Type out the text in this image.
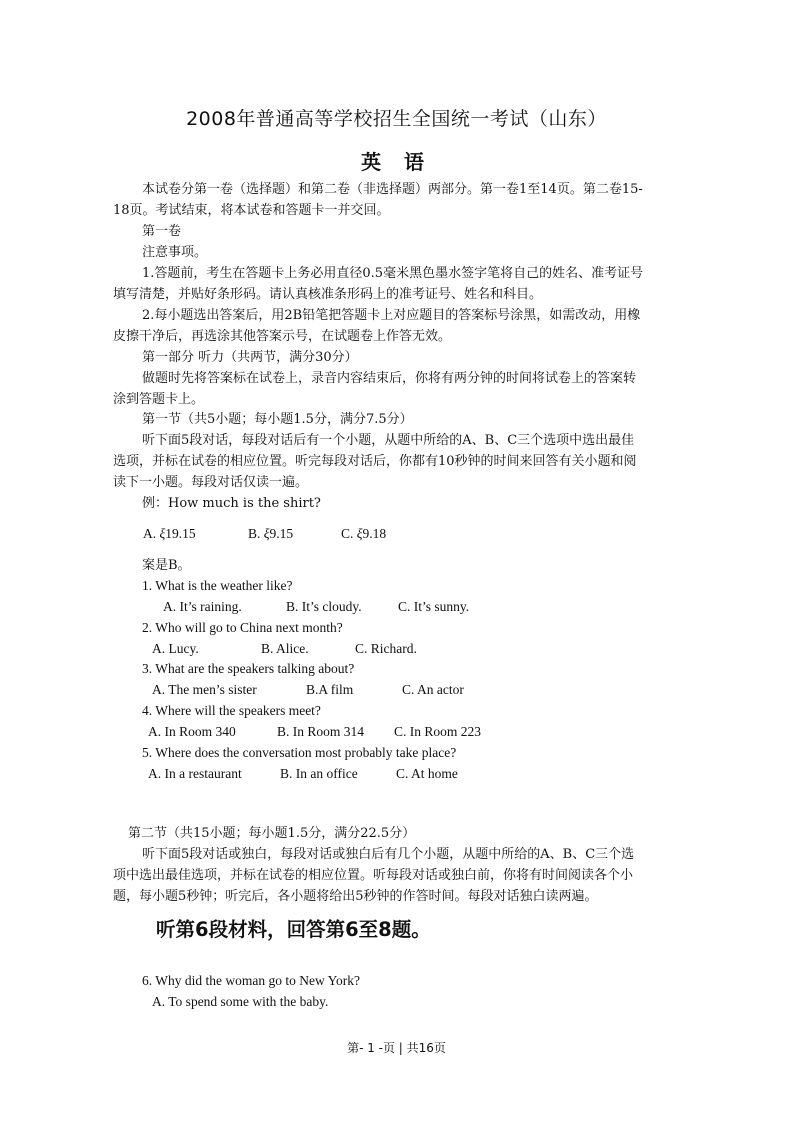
2008年普通高等学校招生全国统一考试（山东）
英 语
本试卷分第一卷（选择题）和第二卷（非选择题）两部分。第一卷1至14页。第二卷15-
18页。考试结束，将本试卷和答题卡一并交回。
第一卷
注意事项。
1.答题前，考生在答题卡上务必用直径0.5毫米黑色墨水签字笔将自己的姓名、准考证号
填写清楚，并贴好条形码。请认真核准条形码上的准考证号、姓名和科目。
2.每小题选出答案后，用2B铅笔把答题卡上对应题目的答案标号涂黑，如需改动，用橡
皮擦干净后，再选涂其他答案示号，在试题卷上作答无效。
第一部分 听力（共两节，满分30分）
做题时先将答案标在试卷上，录音内容结束后，你将有两分钟的时间将试卷上的答案转
涂到答题卡上。
第一节（共5小题；每小题1.5分，满分7.5分）
听下面5段对话，每段对话后有一个小题，从题中所给的A、B、C三个选项中选出最佳
选项，并标在试卷的相应位置。听完每段对话后，你都有10秒钟的时间来回答有关小题和阅
读下一小题。每段对话仅读一遍。
例：How much is the shirt?
A. ξ19.15	B. ξ9.15	C. ξ9.18
案是B。
1. What is the weather like?
A. It’s raining.	B. It’s cloudy.	C. It’s sunny.
2. Who will go to China next month?
A. Lucy.	B. Alice.	C. Richard.
3. What are the speakers talking about?
A. The men’s sister	B.A film	C. An actor
4. Where will the speakers meet?
A. In Room 340	B. In Room 314 C. In Room 223
5. Where does the conversation most probably take place?
A. In a restaurant	B. In an office	C. At home
第二节（共15小题；每小题1.5分，满分22.5分）
听下面5段对话或独白，每段对话或独白后有几个小题，从题中所给的A、B、C三个选
项中选出最佳选项，并标在试卷的相应位置。听每段对话或独白前，你将有时间阅读各个小
题，每小题5秒钟；听完后，各小题将给出5秒钟的作答时间。每段对话独白读两遍。
听第6段材料，回答第6至8题。
6. Why did the woman go to New York?
A. To spend some with the baby.
第- 1 -页 | 共16页
